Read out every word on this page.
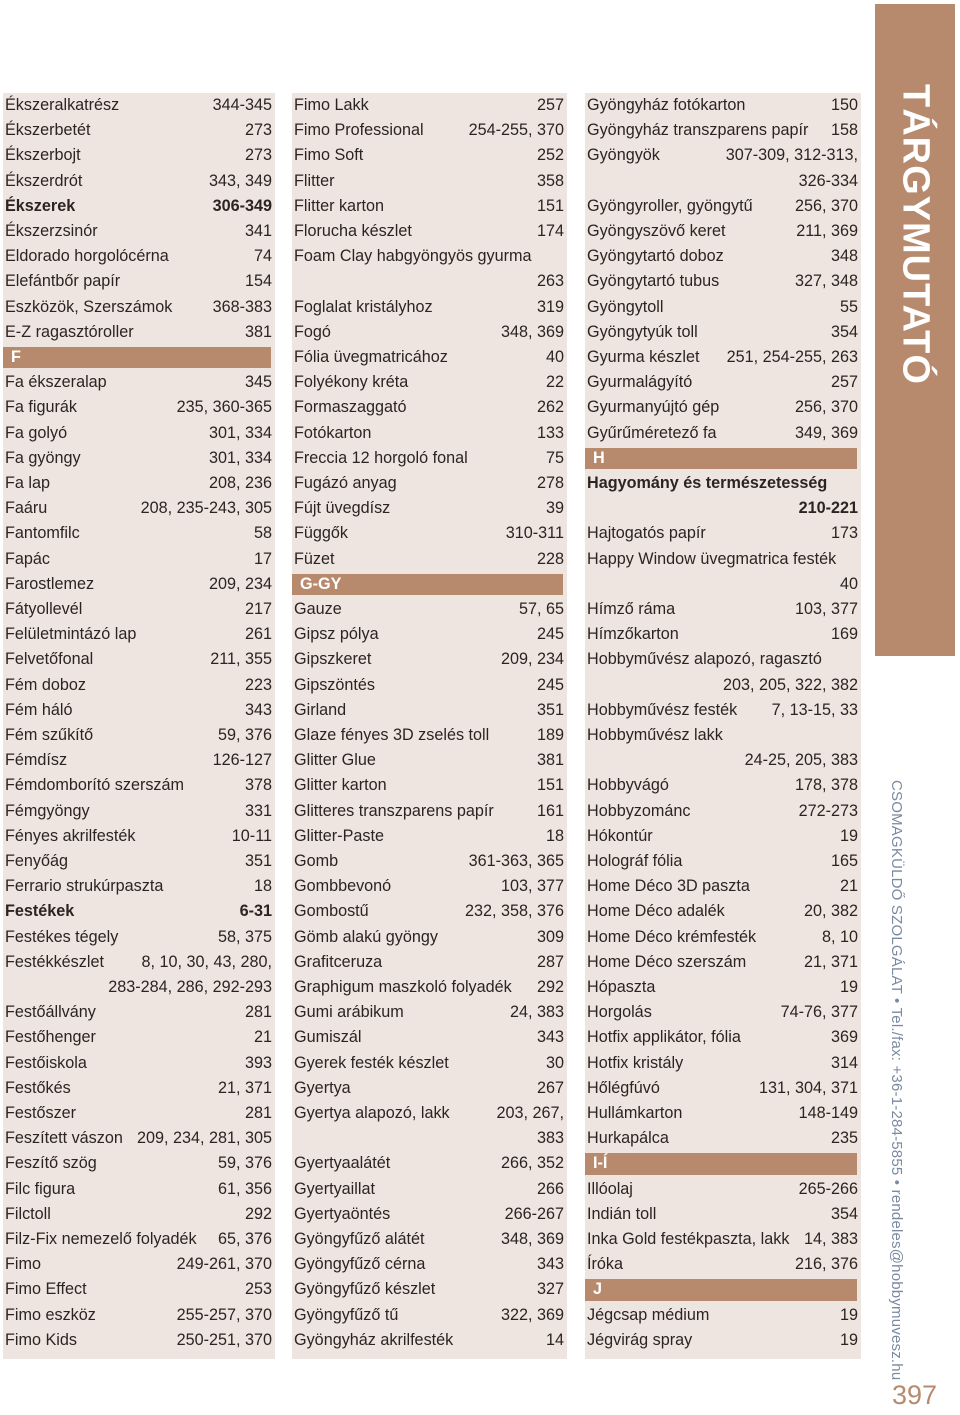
Ékszeralkatrész	344-345
Ékszerbetét	273
Ékszerbojt	273
Ékszerdrót	343, 349
Ékszerek	306-349
Ékszerzsinór	341
Eldorado horgolócérna	74
Elefántbőr papír	154
Eszközök, Szerszámok 368-383
E-Z ragasztóroller	381
F
Fa ékszeralap	345
Fa figurák	235, 360-365
Fa golyó	301, 334
Fa gyöngy	301, 334
Fa lap	208, 236
Faáru	208, 235-243, 305
Fantomfilc	58
Fapác	17
Farostlemez	209, 234
Fátyollevél	217
Felületmintázó lap	261
Felvetőfonal	211, 355
Fém doboz	223
Fém háló	343
Fém szűkítő	59, 376
Fémdísz	126-127
Fémdomborító szerszám	378
Fémgyöngy	331
Fényes akrilfesték	10-11
Fenyőág	351
Ferrario strukúrpaszta	18
Festékek	6-31
Festékes tégely	58, 375
Festékkészlet 8, 10, 30, 43, 280,
283-284, 286, 292-293
Festőállvány	281
Festőhenger	21
Festőiskola	393
Festőkés	21, 371
Festőszer	281
Feszített vászon 209, 234, 281, 305
Feszítő szög	59, 376
Filc figura	61, 356
Filctoll	292
Filz-Fix nemezelő folyadék 65, 376
Fimo	249-261, 370
Fimo Effect	253
Fimo eszköz	255-257, 370
Fimo Kids	250-251, 370
Fimo Lakk	257
Fimo Professional	254-255, 370
Fimo Soft	252
Flitter	358
Flitter karton	151
Florucha készlet	174
Foam Clay habgyöngyös gyurma
263
Foglalat kristályhoz	319
Fogó	348, 369
Fólia üvegmatricához	40
Folyékony kréta	22
Formaszaggató	262
Fotókarton	133
Freccia 12 horgoló fonal	75
Fugázó anyag	278
Fújt üvegdísz	39
Függők	310-311
Füzet	228
G-GY
Gauze	57, 65
Gipsz pólya	245
Gipszkeret	209, 234
Gipszöntés	245
Girland	351
Glaze fényes 3D zselés toll	189
Glitter Glue	381
Glitter karton	151
Glitteres transzparens papír	161
Glitter-Paste	18
Gomb	361-363, 365
Gombbevonó	103, 377
Gombostű	232, 358, 376
Gömb alakú gyöngy	309
Grafitceruza	287
Graphigum maszkoló folyadék 292
Gumi arábikum	24, 383
Gumiszál	343
Gyerek festék készlet	30
Gyertya	267
Gyertya alapozó, lakk	203, 267,
383
Gyertyaalátét	266, 352
Gyertyaillat	266
Gyertyaöntés	266-267
Gyöngyfűző alátét	348, 369
Gyöngyfűző cérna	343
Gyöngyfűző készlet	327
Gyöngyfűző tű	322, 369
Gyöngyház akrilfesték	14
Gyöngyház fotókarton	150
Gyöngyház transzparens papír 158
Gyöngyök	307-309, 312-313,
326-334
Gyöngyroller, gyöngytű	256, 370
Gyöngyszövő keret	211, 369
Gyöngytartó doboz	348
Gyöngytartó tubus	327, 348
Gyöngytoll	55
Gyöngytyúk toll	354
Gyurma készlet 251, 254-255, 263
Gyurmalágyító	257
Gyurmanyújtó gép	256, 370
Gyűrűméretező fa	349, 369
H
Hagyomány és természetesség
210-221
Hajtogatós papír	173
Happy Window üvegmatrica festék
40
Hímző ráma	103, 377
Hímzőkarton	169
Hobbyművész alapozó, ragasztó
203, 205, 322, 382
Hobbyművész festék 7, 13-15, 33
Hobbyművész lakk
24-25, 205, 383
Hobbyvágó	178, 378
Hobbyzománc	272-273
Hókontúr	19
Holográf fólia	165
Home Déco 3D paszta	21
Home Déco adalék	20, 382
Home Déco krémfesték	8, 10
Home Déco szerszám	21, 371
Hópaszta	19
Horgolás	74-76, 377
Hotfix applikátor, fólia	369
Hotfix kristály	314
Hőlégfúvó	131, 304, 371
Hullámkarton	148-149
Hurkapálca	235
I-Í
Illóolaj	265-266
Indián toll	354
Inka Gold festékpaszta, lakk 14, 383
Íróka	216, 376
J
Jégcsap médium	19
Jégvirág spray	19
TÁRGYMUTATÓ
CSOMAGKÜLDŐ SZOLGÁLAT • Tel./fax: +36-1-284-5855 • rendeles@hobbymuvesz.hu
397
